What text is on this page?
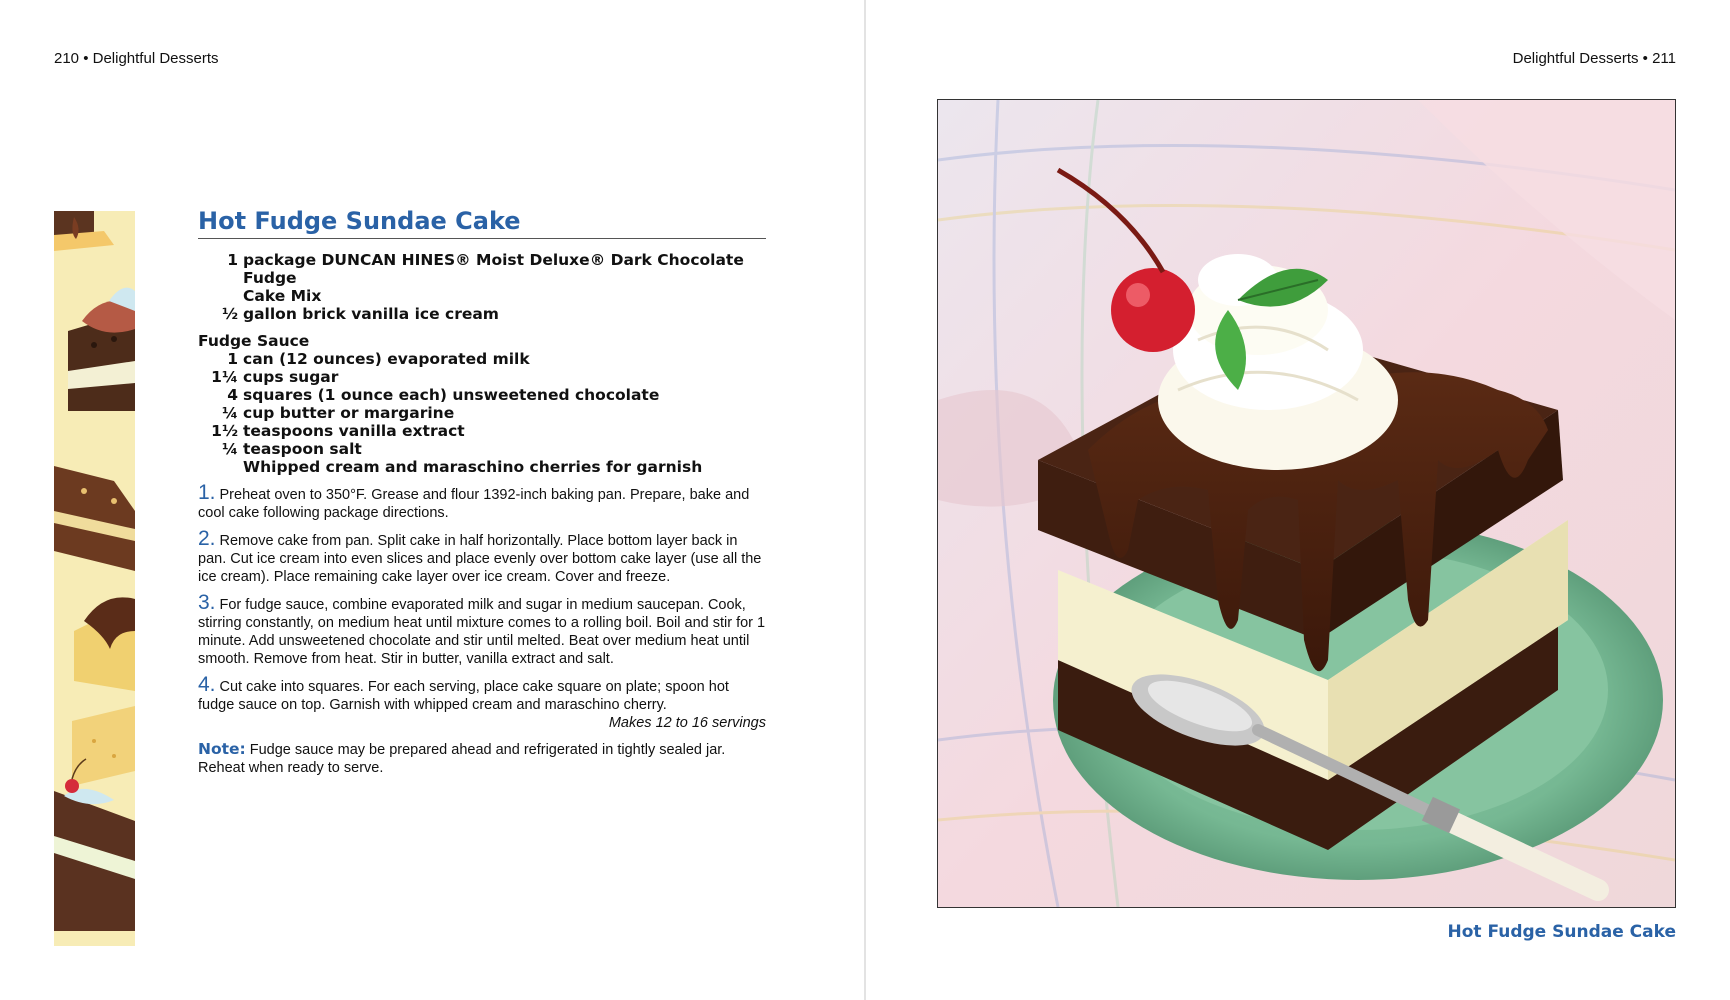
210 • Delightful Desserts
Hot Fudge Sundae Cake
1 package DUNCAN HINES® Moist Deluxe® Dark Chocolate Fudge
Cake Mix
½ gallon brick vanilla ice cream
Fudge Sauce
1 can (12 ounces) evaporated milk
1¼ cups sugar
4 squares (1 ounce each) unsweetened chocolate
¼ cup butter or margarine
1½ teaspoons vanilla extract
¼ teaspoon salt
Whipped cream and maraschino cherries for garnish
1. Preheat oven to 350°F. Grease and flour 1392-inch baking pan. Prepare, bake and cool cake following package directions.
2. Remove cake from pan. Split cake in half horizontally. Place bottom layer back in pan. Cut ice cream into even slices and place evenly over bottom cake layer (use all the ice cream). Place remaining cake layer over ice cream. Cover and freeze.
3. For fudge sauce, combine evaporated milk and sugar in medium saucepan. Cook, stirring constantly, on medium heat until mixture comes to a rolling boil. Boil and stir for 1 minute. Add unsweetened chocolate and stir until melted. Beat over medium heat until smooth. Remove from heat. Stir in butter, vanilla extract and salt.
4. Cut cake into squares. For each serving, place cake square on plate; spoon hot fudge sauce on top. Garnish with whipped cream and maraschino cherry.
Makes 12 to 16 servings
Note: Fudge sauce may be prepared ahead and refrigerated in tightly sealed jar. Reheat when ready to serve.
Delightful Desserts • 211
Hot Fudge Sundae Cake
